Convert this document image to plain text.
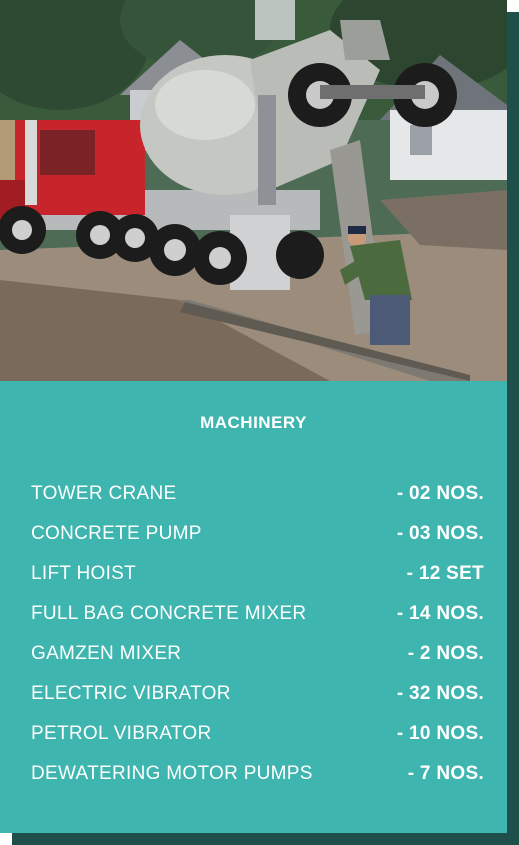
MACHINERY
TOWER CRANE	- 02 NOS.
CONCRETE PUMP	- 03 NOS.
LIFT HOIST	- 12 SET
FULL BAG CONCRETE MIXER	- 14 NOS.
GAMZEN MIXER	- 2 NOS.
ELECTRIC VIBRATOR	- 32 NOS.
PETROL VIBRATOR	- 10 NOS.
DEWATERING MOTOR PUMPS	- 7 NOS.
